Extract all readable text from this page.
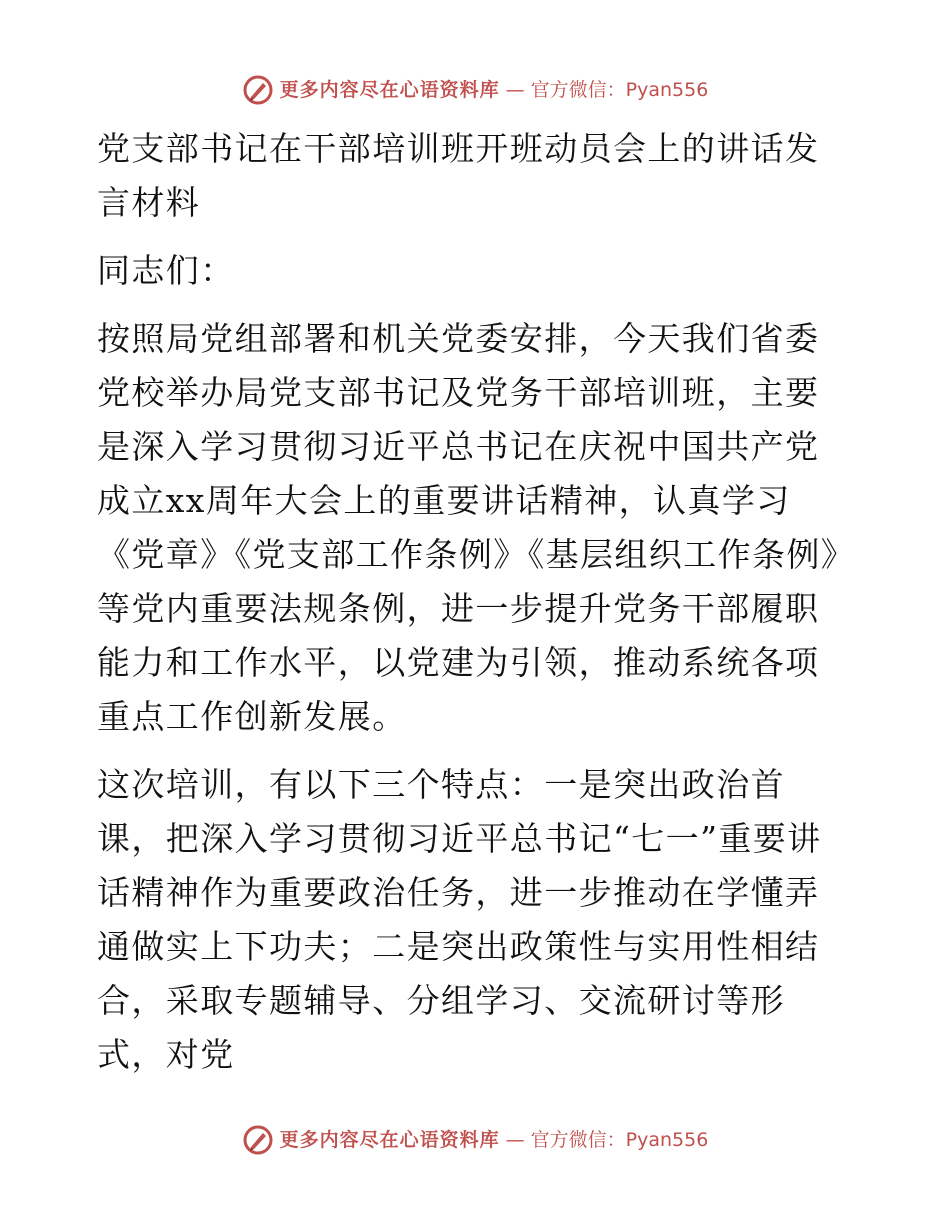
更多内容尽在心语资料库 — 官方微信：Pyan556
党支部书记在干部培训班开班动员会上的讲话发言材料

同志们：

按照局党组部署和机关党委安排，今天我们省委党校举办局党支部书记及党务干部培训班，主要是深入学习贯彻习近平总书记在庆祝中国共产党成立xx周年大会上的重要讲话精神，认真学习《党章》《党支部工作条例》《基层组织工作条例》等党内重要法规条例，进一步提升党务干部履职能力和工作水平，以党建为引领，推动系统各项重点工作创新发展。

这次培训，有以下三个特点：一是突出政治首课，把深入学习贯彻习近平总书记“七一”重要讲话精神作为重要政治任务，进一步推动在学懂弄通做实上下功夫；二是突出政策性与实用性相结合，采取专题辅导、分组学习、交流研讨等形式，对党

更多内容尽在心语资料库 — 官方微信：Pyan556
